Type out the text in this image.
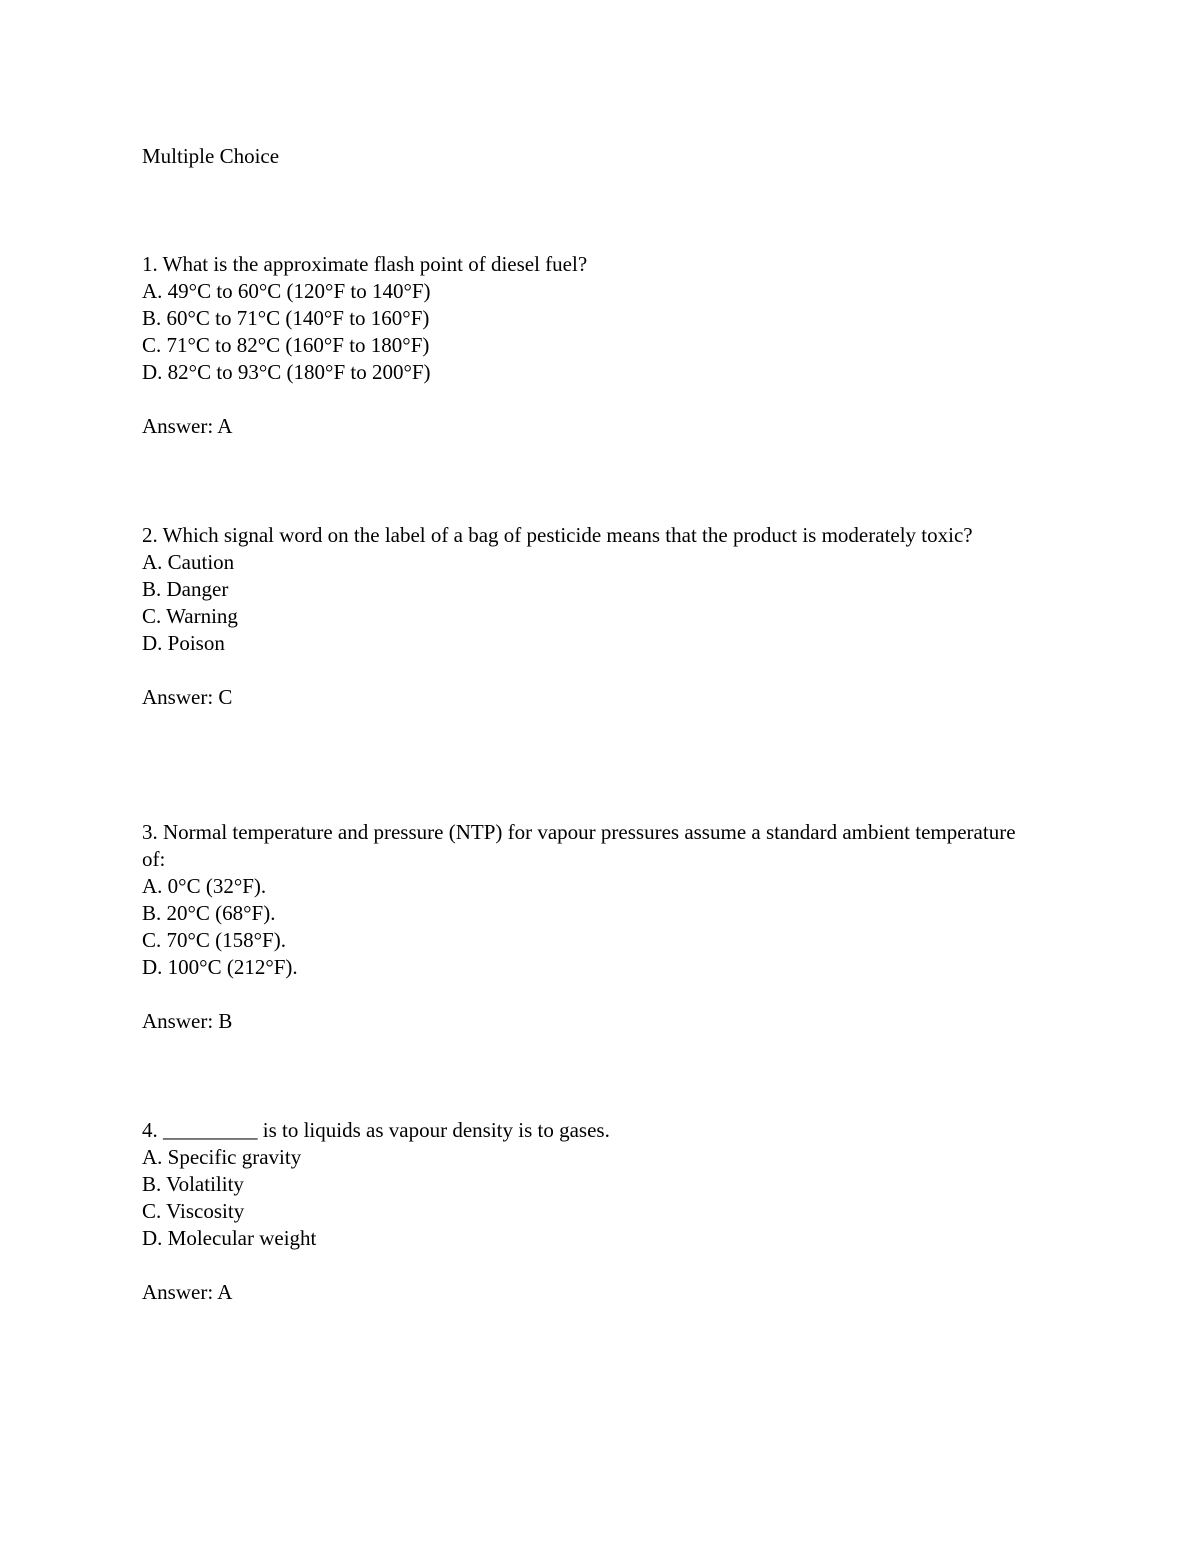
Multiple Choice

1. What is the approximate flash point of diesel fuel?

A. 49°C to 60°C (120°F to 140°F)

B. 60°C to 71°C (140°F to 160°F)

C. 71°C to 82°C (160°F to 180°F)

D. 82°C to 93°C (180°F to 200°F)

Answer: A

2. Which signal word on the label of a bag of pesticide means that the product is moderately toxic?

A. Caution

B. Danger

C. Warning

D. Poison

Answer: C

3. Normal temperature and pressure (NTP) for vapour pressures assume a standard ambient temperature of:

A. 0°C (32°F).

B. 20°C (68°F).

C. 70°C (158°F).

D. 100°C (212°F).

Answer: B

4. _________ is to liquids as vapour density is to gases.

A. Specific gravity

B. Volatility

C. Viscosity

D. Molecular weight

Answer: A
